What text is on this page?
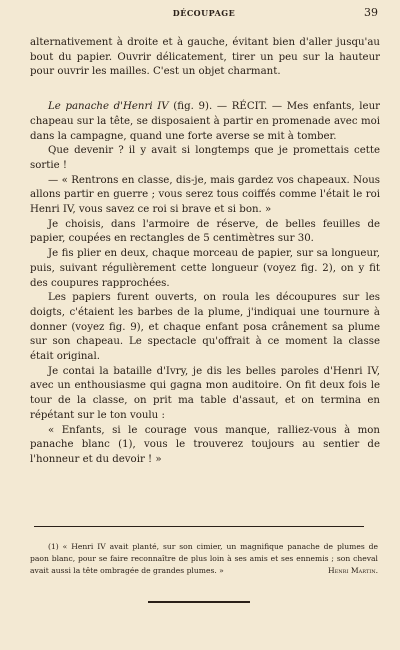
DÉCOUPAGE	39

alternativement à droite et à gauche, évitant bien d'aller jusqu'au bout du papier. Ouvrir délicatement, tirer un peu sur la hauteur pour ouvrir les mailles. C'est un objet charmant.

Le panache d'Henri IV (fig. 9). — RÉCIT. — Mes enfants, leur chapeau sur la tête, se disposaient à partir en promenade avec moi dans la campagne, quand une forte averse se mit à tomber.

Que devenir ? il y avait si longtemps que je promettais cette sortie !

— « Rentrons en classe, dis-je, mais gardez vos chapeaux. Nous allons partir en guerre ; vous serez tous coiffés comme l'était le roi Henri IV, vous savez ce roi si brave et si bon. »

Je choisis, dans l'armoire de réserve, de belles feuilles de papier, coupées en rectangles de 5 centimètres sur 30.

Je fis plier en deux, chaque morceau de papier, sur sa longueur, puis, suivant régulièrement cette longueur (voyez fig. 2), on y fit des coupures rapprochées.

Les papiers furent ouverts, on roula les découpures sur les doigts, c'étaient les barbes de la plume, j'indiquai une tournure à donner (voyez fig. 9), et chaque enfant posa crânement sa plume sur son chapeau. Le spectacle qu'offrait à ce moment la classe était original.

Je contai la bataille d'Ivry, je dis les belles paroles d'Henri IV, avec un enthousiasme qui gagna mon auditoire. On fit deux fois le tour de la classe, on prit ma table d'assaut, et on termina en répétant sur le ton voulu :

« Enfants, si le courage vous manque, ralliez-vous à mon panache blanc (1), vous le trouverez toujours au sentier de l'honneur et du devoir ! »

(1) « Henri IV avait planté, sur son cimier, un magnifique panache de plumes de paon blanc, pour se faire reconnaître de plus loin à ses amis et ses ennemis ; son cheval avait aussi la tête ombragée de grandes plumes. »	Henri Martin.
